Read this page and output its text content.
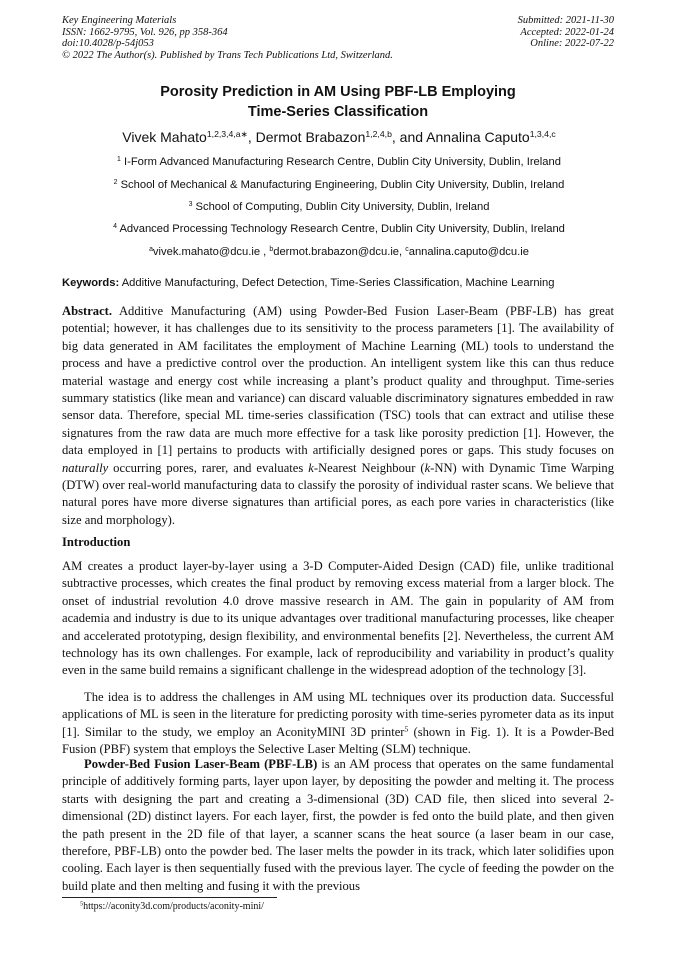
Key Engineering Materials
ISSN: 1662-9795, Vol. 926, pp 358-364
doi:10.4028/p-54j053
© 2022 The Author(s). Published by Trans Tech Publications Ltd, Switzerland.
Submitted: 2021-11-30
Accepted: 2022-01-24
Online: 2022-07-22
Porosity Prediction in AM Using PBF-LB Employing
Time-Series Classification
Vivek Mahato$^{1,2,3,4,a∗}$, Dermot Brabazon$^{1,2,4,b}$, and Annalina Caputo$^{1,3,4,c}$
$^1$ I-Form Advanced Manufacturing Research Centre, Dublin City University, Dublin, Ireland
$^2$ School of Mechanical & Manufacturing Engineering, Dublin City University, Dublin, Ireland
$^3$ School of Computing, Dublin City University, Dublin, Ireland
$^4$ Advanced Processing Technology Research Centre, Dublin City University, Dublin, Ireland
$^a$vivek.mahato@dcu.ie , $^b$dermot.brabazon@dcu.ie, $^c$annalina.caputo@dcu.ie
Keywords: Additive Manufacturing, Defect Detection, Time-Series Classification, Machine Learning
Abstract. Additive Manufacturing (AM) using Powder-Bed Fusion Laser-Beam (PBF-LB) has great potential; however, it has challenges due to its sensitivity to the process parameters [1]. The availability of big data generated in AM facilitates the employment of Machine Learning (ML) tools to understand the process and have a predictive control over the production. An intelligent system like this can thus reduce material wastage and energy cost while increasing a plant’s product quality and throughput. Time-series summary statistics (like mean and variance) can discard valuable discriminatory signatures embedded in raw sensor data. Therefore, special ML time-series classification (TSC) tools that can extract and utilise these signatures from the raw data are much more effective for a task like porosity prediction [1]. However, the data employed in [1] pertains to products with artificially designed pores or gaps. This study focuses on naturally occurring pores, rarer, and evaluates k-Nearest Neighbour (k-NN) with Dynamic Time Warping (DTW) over real-world manufacturing data to classify the porosity of individual raster scans. We believe that natural pores have more diverse signatures than artificial pores, as each pore varies in characteristics (like size and morphology).
Introduction
AM creates a product layer-by-layer using a 3-D Computer-Aided Design (CAD) file, unlike traditional subtractive processes, which creates the final product by removing excess material from a larger block. The onset of industrial revolution 4.0 drove massive research in AM. The gain in popularity of AM from academia and industry is due to its unique advantages over traditional manufacturing processes, like cheaper and accelerated prototyping, design flexibility, and environmental benefits [2]. Nevertheless, the current AM technology has its own challenges. For example, lack of reproducibility and variability in product’s quality even in the same build remains a significant challenge in the widespread adoption of the technology [3].
The idea is to address the challenges in AM using ML techniques over its production data. Successful applications of ML is seen in the literature for predicting porosity with time-series pyrometer data as its input [1]. Similar to the study, we employ an AconityMINI 3D printer$^5$ (shown in Fig. 1). It is a Powder-Bed Fusion (PBF) system that employs the Selective Laser Melting (SLM) technique.
Powder-Bed Fusion Laser-Beam (PBF-LB) is an AM process that operates on the same fundamental principle of additively forming parts, layer upon layer, by depositing the powder and melting it. The process starts with designing the part and creating a 3-dimensional (3D) CAD file, then sliced into several 2-dimensional (2D) distinct layers. For each layer, first, the powder is fed onto the build plate, and then given the path present in the 2D file of that layer, a scanner scans the heat source (a laser beam in our case, therefore, PBF-LB) onto the powder bed. The laser melts the powder in its track, which later solidifies upon cooling. Each layer is then sequentially fused with the previous layer. The cycle of feeding the powder on the build plate and then melting and fusing it with the previous
$^5$https://aconity3d.com/products/aconity-mini/
